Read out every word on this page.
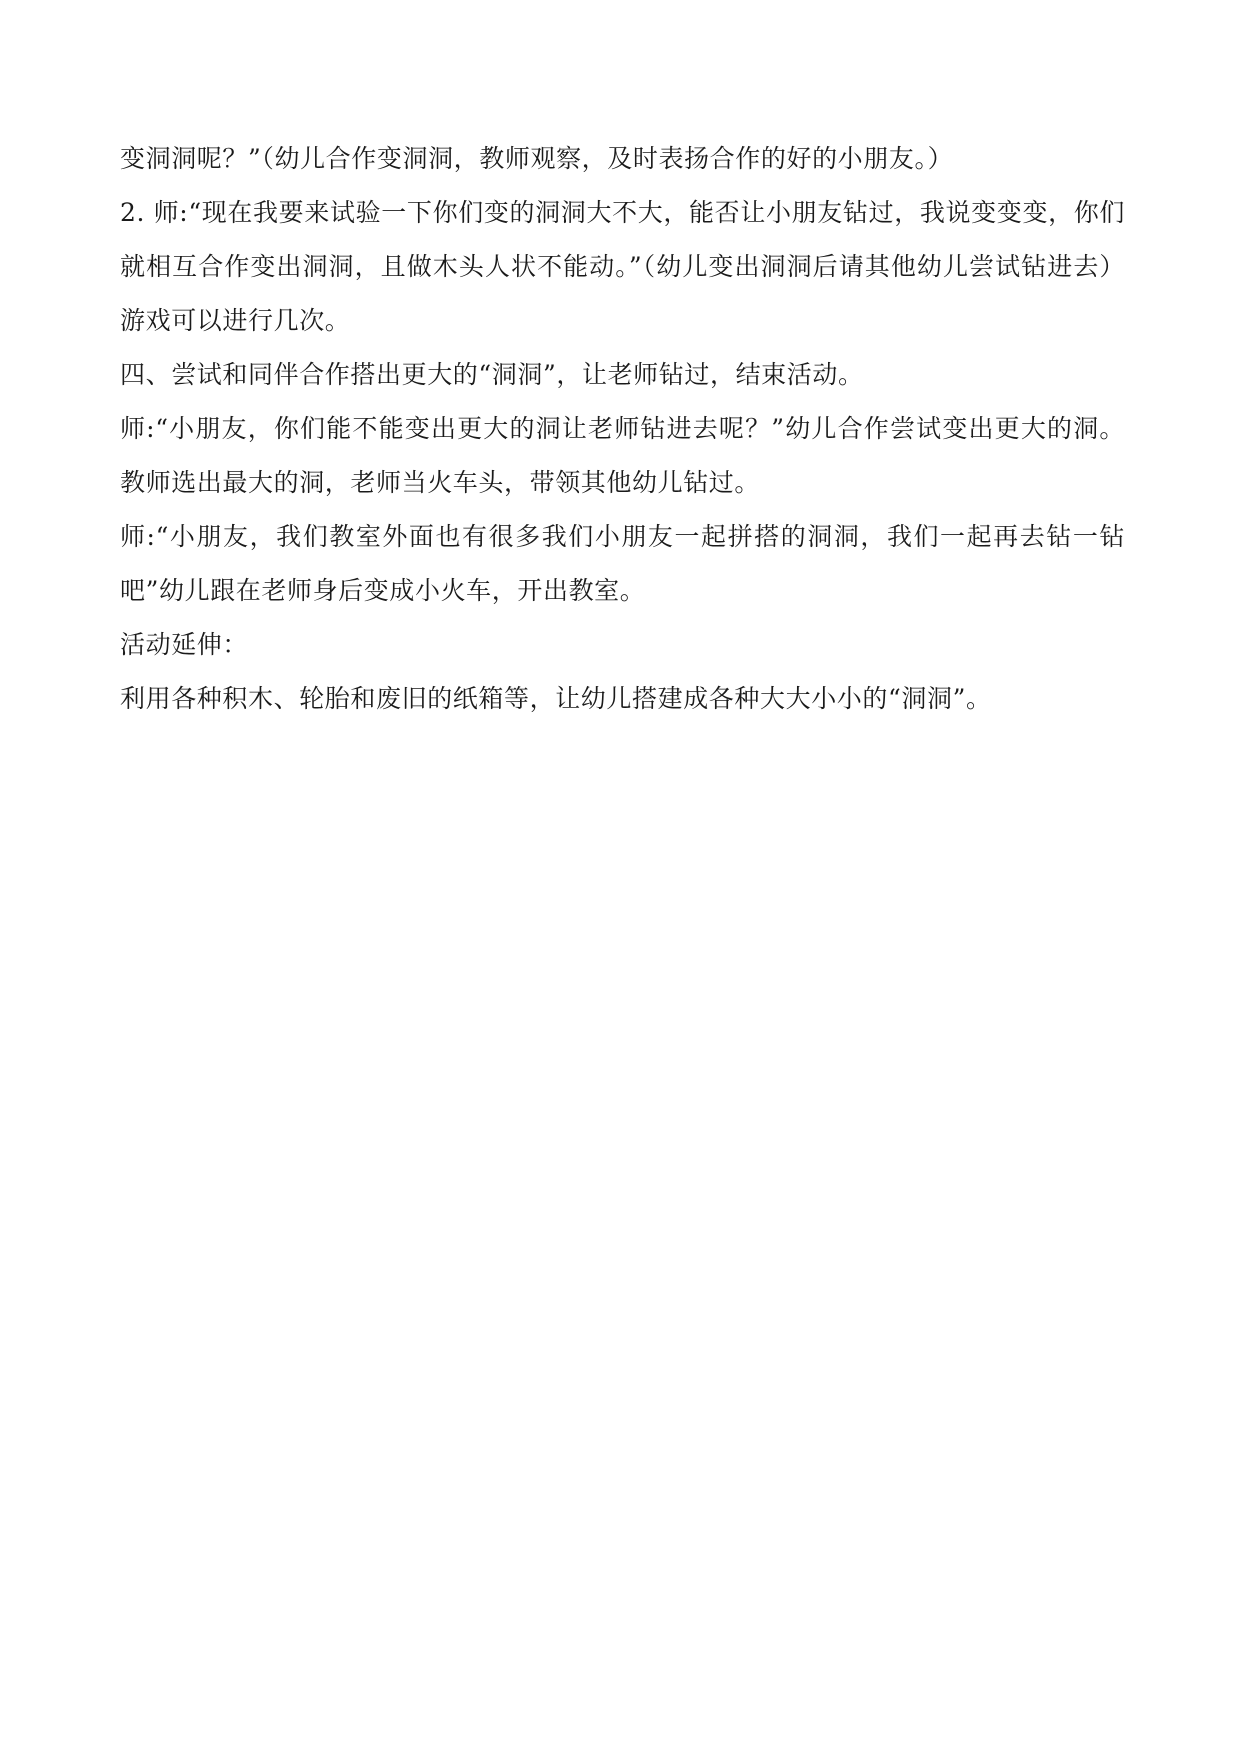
变洞洞呢？”（幼儿合作变洞洞，教师观察，及时表扬合作的好的小朋友。）

2. 师:“现在我要来试验一下你们变的洞洞大不大，能否让小朋友钻过，我说变变变，你们就相互合作变出洞洞，且做木头人状不能动。”（幼儿变出洞洞后请其他幼儿尝试钻进去）游戏可以进行几次。

四、尝试和同伴合作搭出更大的“洞洞”，让老师钻过，结束活动。

师:“小朋友，你们能不能变出更大的洞让老师钻进去呢？”幼儿合作尝试变出更大的洞。教师选出最大的洞，老师当火车头，带领其他幼儿钻过。

师:“小朋友，我们教室外面也有很多我们小朋友一起拼搭的洞洞，我们一起再去钻一钻吧”幼儿跟在老师身后变成小火车，开出教室。

活动延伸：

利用各种积木、轮胎和废旧的纸箱等，让幼儿搭建成各种大大小小的“洞洞”。
